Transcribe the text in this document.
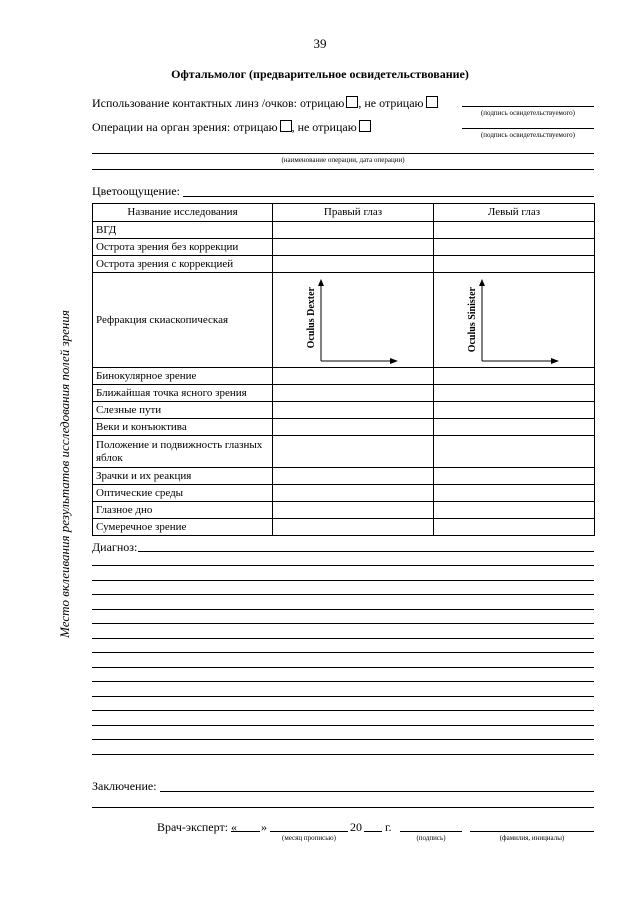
39
Офтальмолог (предварительное освидетельствование)
Использование контактных линз /очков: отрицаю , не отрицаю
(подпись освидетельствуемого)
Операции на орган зрения: отрицаю , не отрицаю
(подпись освидетельствуемого)
(наименование операции, дата операции)
Цветоощущение:
Место вклеивания результатов исследования полей зрения
Название исследования	Правый глаз	Левый глаз
ВГД		
Острота зрения без коррекции		
Острота зрения с коррекцией		
Рефракция скиаскопическая	Oculus Dexter	Oculus Sinister

Бинокулярное зрение		
Ближайшая точка ясного зрения		
Слезные пути		
Веки и конъюктива		
Положение и подвижность глазных яблок		
Зрачки и их реакция		
Оптические среды		
Глазное дно		
Сумеречное зрение		
Диагноз:
Заключение:
Врач-эксперт: « »	20 г.
(месяц прописью)	(подпись)	(фамилия, инициалы)
